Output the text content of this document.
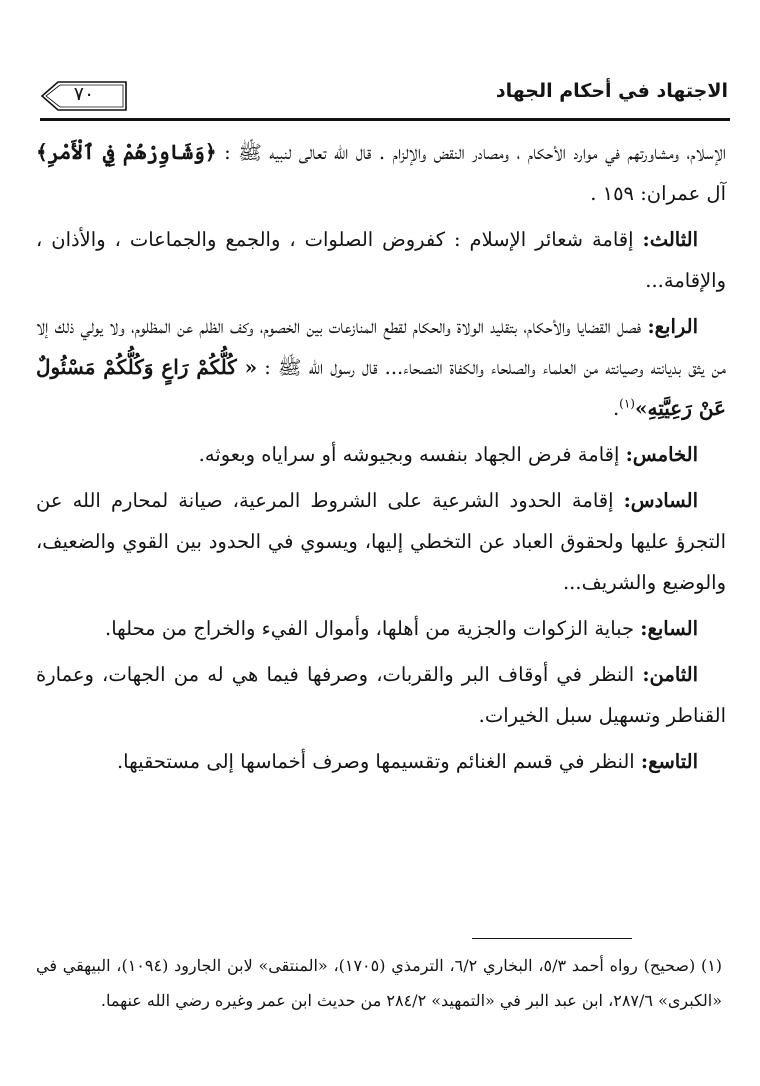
٧٠	الاجتهاد في أحكام الجهاد

الإسلام، ومشاورتهم في موارد الأحكام ، ومصادر النقض والإلزام . قال الله تعالى لنبيه ﷺ : ﴿وَشَاوِرْهُمْ فِي ٱلْأَمْرِ﴾ آل عمران: ١٥٩ .

الثالث: إقامة شعائر الإسلام : كفروض الصلوات ، والجمع والجماعات ، والأذان ، والإقامة...

الرابع: فصل القضايا والأحكام، بتقليد الولاة والحكام لقطع المنازعات بين الخصوم، وكف الظلم عن المظلوم، ولا يولي ذلك إلا من يثق بديانته وصيانته من العلماء والصلحاء والكفاة النصحاء... قال رسول الله ﷺ : « كُلُّكُمْ رَاعٍ وَكُلُّكُمْ مَسْئُولٌ عَنْ رَعِيَّتِهِ»$^{(١)}$.

الخامس: إقامة فرض الجهاد بنفسه وبجيوشه أو سراياه وبعوثه.

السادس: إقامة الحدود الشرعية على الشروط المرعية، صيانة لمحارم الله عن التجرؤ عليها ولحقوق العباد عن التخطي إليها، ويسوي في الحدود بين القوي والضعيف، والوضيع والشريف...

السابع: جباية الزكوات والجزية من أهلها، وأموال الفيء والخراج من محلها.

الثامن: النظر في أوقاف البر والقربات، وصرفها فيما هي له من الجهات، وعمارة القناطر وتسهيل سبل الخيرات.

التاسع: النظر في قسم الغنائم وتقسيمها وصرف أخماسها إلى مستحقيها.

(١) (صحيح) رواه أحمد ٥/٣، البخاري ٦/٢، الترمذي (١٧٠٥)، «المنتقى» لابن الجارود (١٠٩٤)، البيهقي في «الكبرى» ٢٨٧/٦، ابن عبد البر في «التمهيد» ٢٨٤/٢ من حديث ابن عمر وغيره رضي الله عنهما.
